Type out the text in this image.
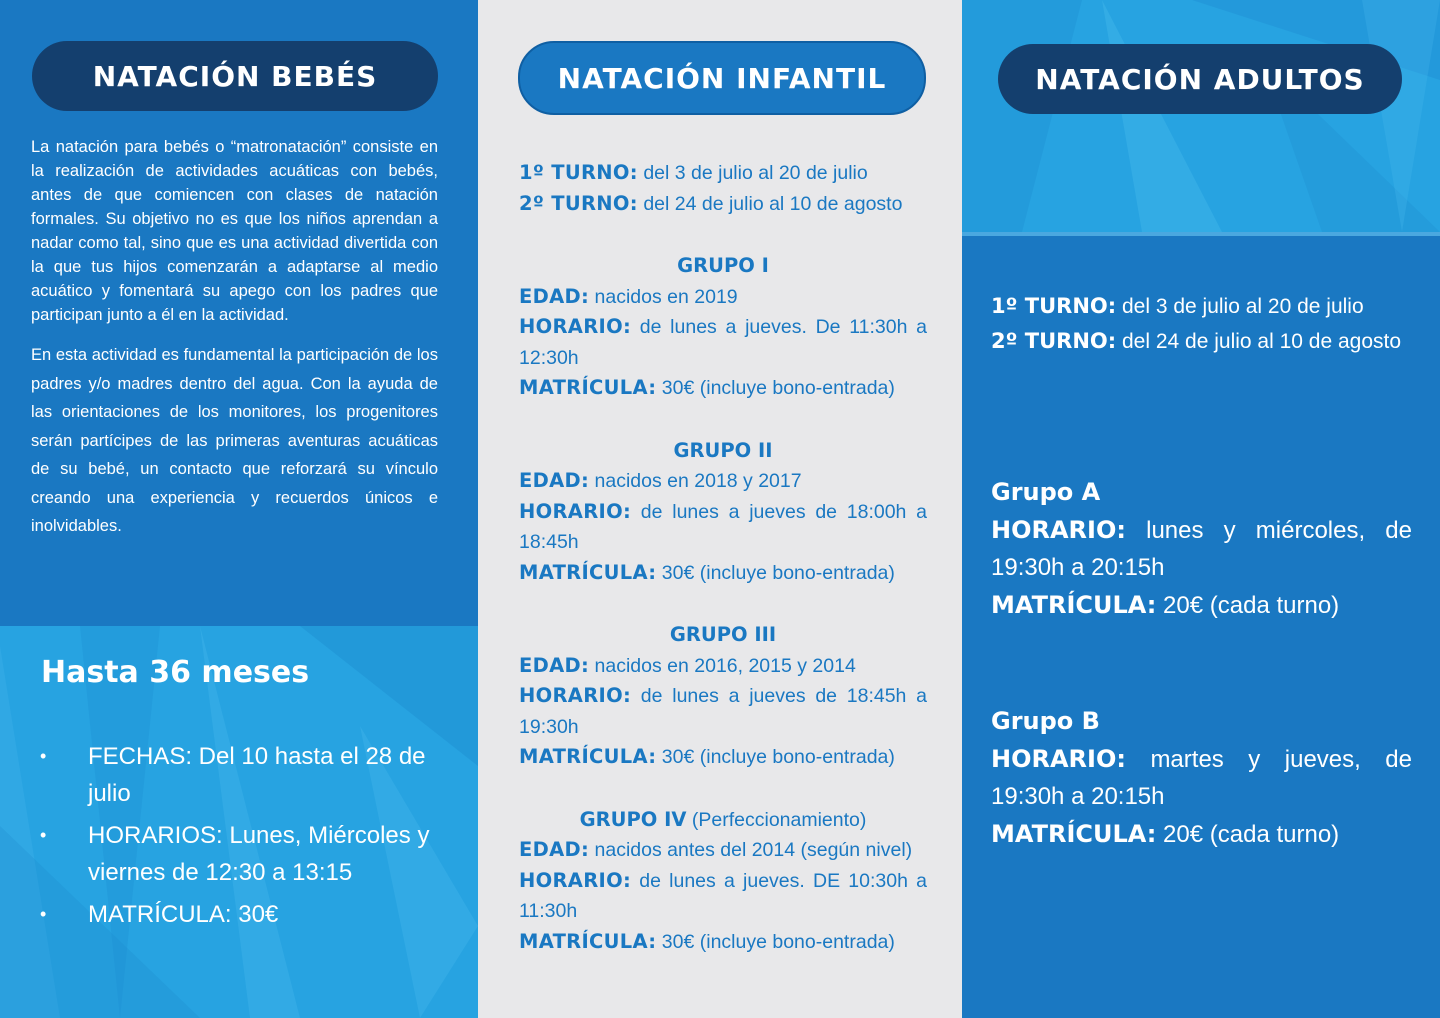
NATACIÓN BEBÉS

La natación para bebés o “matronatación” consiste en la realización de actividades acuáticas con bebés, antes de que comiencen con clases de natación formales. Su objetivo no es que los niños aprendan a nadar como tal, sino que es una actividad divertida con la que tus hijos comenzarán a adaptarse al medio acuático y fomentará su apego con los padres que participan junto a él en la actividad.

En esta actividad es fundamental la participación de los padres y/o madres dentro del agua. Con la ayuda de las orientaciones de los monitores, los progenitores serán partícipes de las primeras aventuras acuáticas de su bebé, un contacto que reforzará su vínculo creando una experiencia y recuerdos únicos e inolvidables.

Hasta 36 meses
• FECHAS: Del 10 hasta el 28 de julio
• HORARIOS: Lunes, Miércoles y viernes de 12:30 a 13:15
• MATRÍCULA: 30€
NATACIÓN INFANTIL
1º TURNO: del 3 de julio al 20 de julio
2º TURNO: del 24 de julio al 10 de agosto
GRUPO I
EDAD: nacidos en 2019
HORARIO: de lunes a jueves. De 11:30h a 12:30h
MATRÍCULA: 30€ (incluye bono-entrada)
GRUPO II
EDAD: nacidos en 2018 y 2017
HORARIO: de lunes a jueves de 18:00h a 18:45h
MATRÍCULA: 30€ (incluye bono-entrada)
GRUPO III
EDAD: nacidos en 2016, 2015 y 2014
HORARIO: de lunes a jueves de 18:45h a 19:30h
MATRÍCULA: 30€ (incluye bono-entrada)
GRUPO IV (Perfeccionamiento)
EDAD: nacidos antes del 2014 (según nivel)
HORARIO: de lunes a jueves. DE 10:30h a 11:30h
MATRÍCULA: 30€ (incluye bono-entrada)
NATACIÓN ADULTOS
1º TURNO: del 3 de julio al 20 de julio
2º TURNO: del 24 de julio al 10 de agosto
Grupo A
HORARIO: lunes y miércoles, de 19:30h a 20:15h
MATRÍCULA: 20€ (cada turno)
Grupo B
HORARIO: martes y jueves, de 19:30h a 20:15h
MATRÍCULA: 20€ (cada turno)
